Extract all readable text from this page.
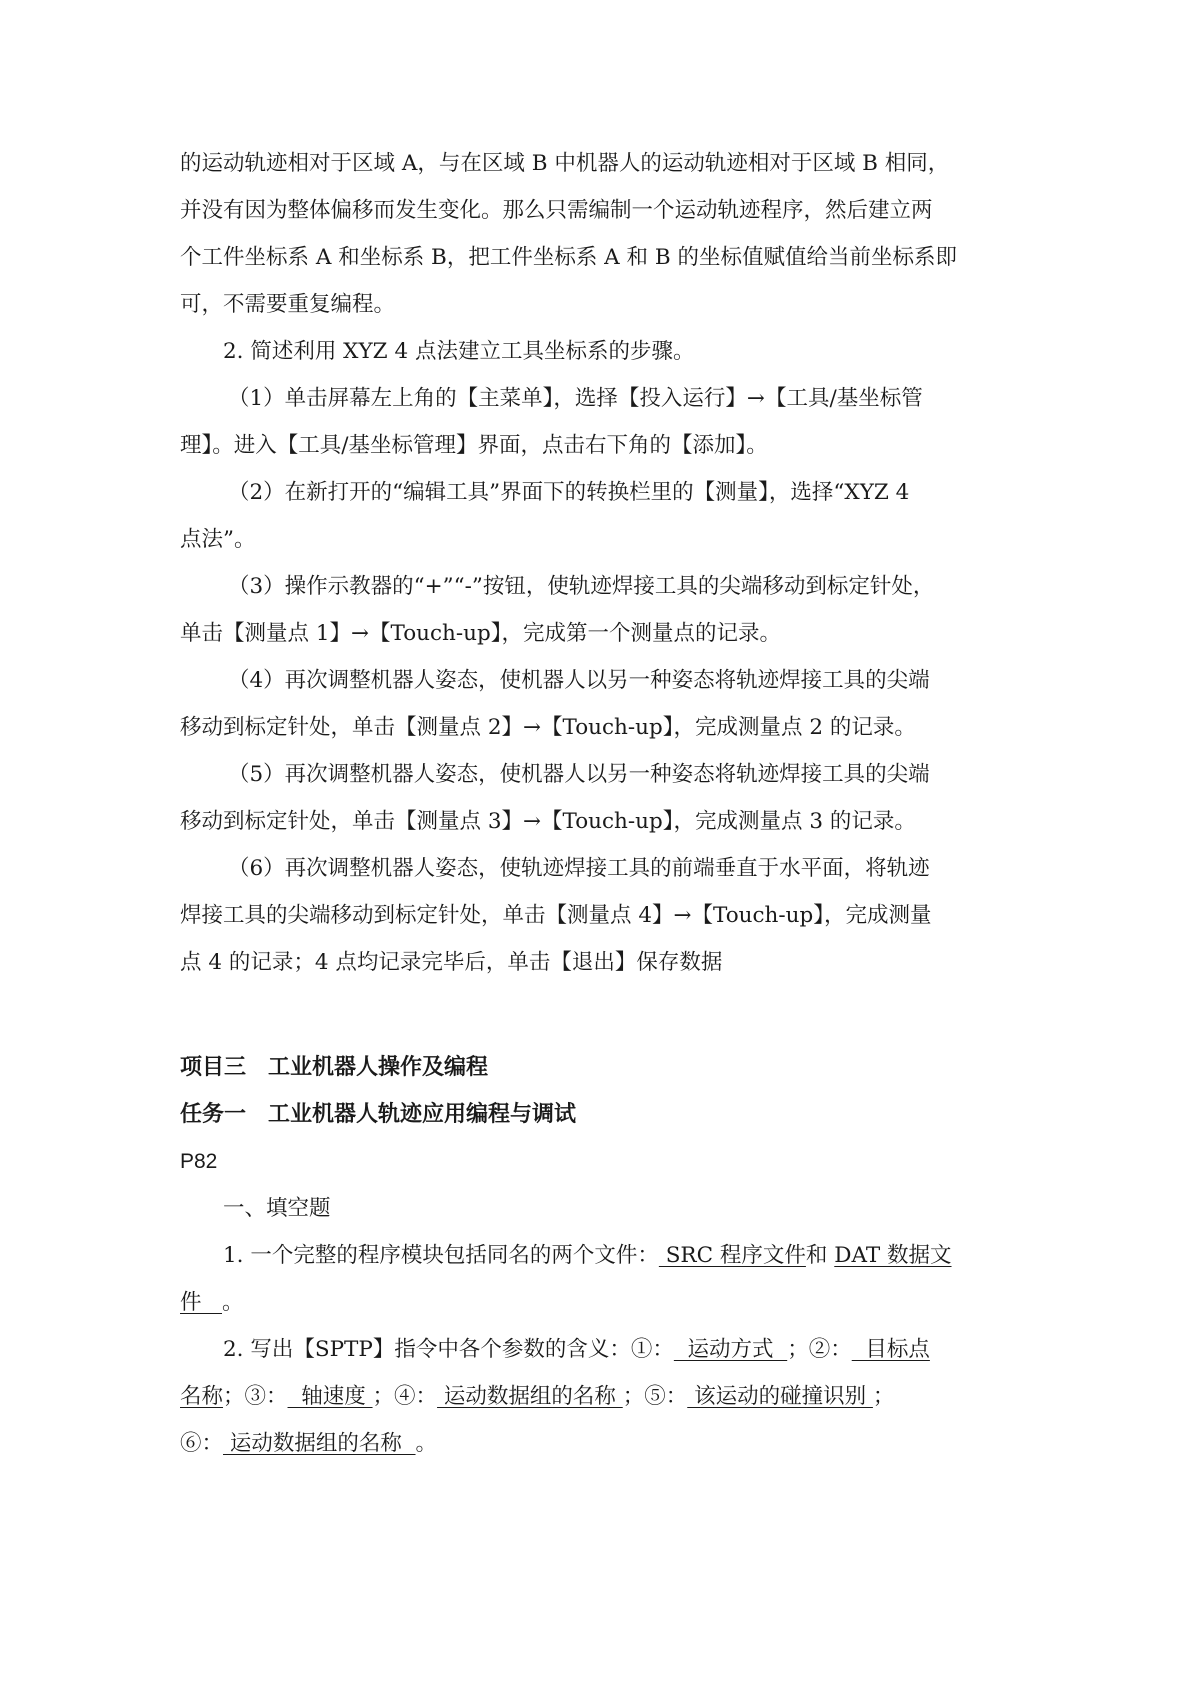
的运动轨迹相对于区域 A，与在区域 B 中机器人的运动轨迹相对于区域 B 相同，

并没有因为整体偏移而发生变化。那么只需编制一个运动轨迹程序，然后建立两

个工件坐标系 A 和坐标系 B，把工件坐标系 A 和 B 的坐标值赋值给当前坐标系即

可，不需要重复编程。

2. 简述利用 XYZ 4 点法建立工具坐标系的步骤。

（1）单击屏幕左上角的【主菜单】，选择【投入运行】→【工具/基坐标管

理】。进入【工具/基坐标管理】界面，点击右下角的【添加】。

（2）在新打开的“编辑工具”界面下的转换栏里的【测量】，选择“XYZ 4

点法”。

（3）操作示教器的“+”“-”按钮，使轨迹焊接工具的尖端移动到标定针处，

单击【测量点 1】→【Touch-up】，完成第一个测量点的记录。

（4）再次调整机器人姿态，使机器人以另一种姿态将轨迹焊接工具的尖端

移动到标定针处，单击【测量点 2】→【Touch-up】，完成测量点 2 的记录。

（5）再次调整机器人姿态，使机器人以另一种姿态将轨迹焊接工具的尖端

移动到标定针处，单击【测量点 3】→【Touch-up】，完成测量点 3 的记录。

（6）再次调整机器人姿态，使轨迹焊接工具的前端垂直于水平面，将轨迹

焊接工具的尖端移动到标定针处，单击【测量点 4】→【Touch-up】，完成测量

点 4 的记录；4 点均记录完毕后，单击【退出】保存数据

项目三　工业机器人操作及编程

任务一　工业机器人轨迹应用编程与调试

P82

一、填空题

1. 一个完整的程序模块包括同名的两个文件： SRC 程序文件和 DAT 数据文

件   。

2. 写出【SPTP】指令中各个参数的含义：①：  运动方式  ；②：  目标点

名称；③：  轴速度 ；④： 运动数据组的名称 ；⑤： 该运动的碰撞识别 ；

⑥： 运动数据组的名称  。
